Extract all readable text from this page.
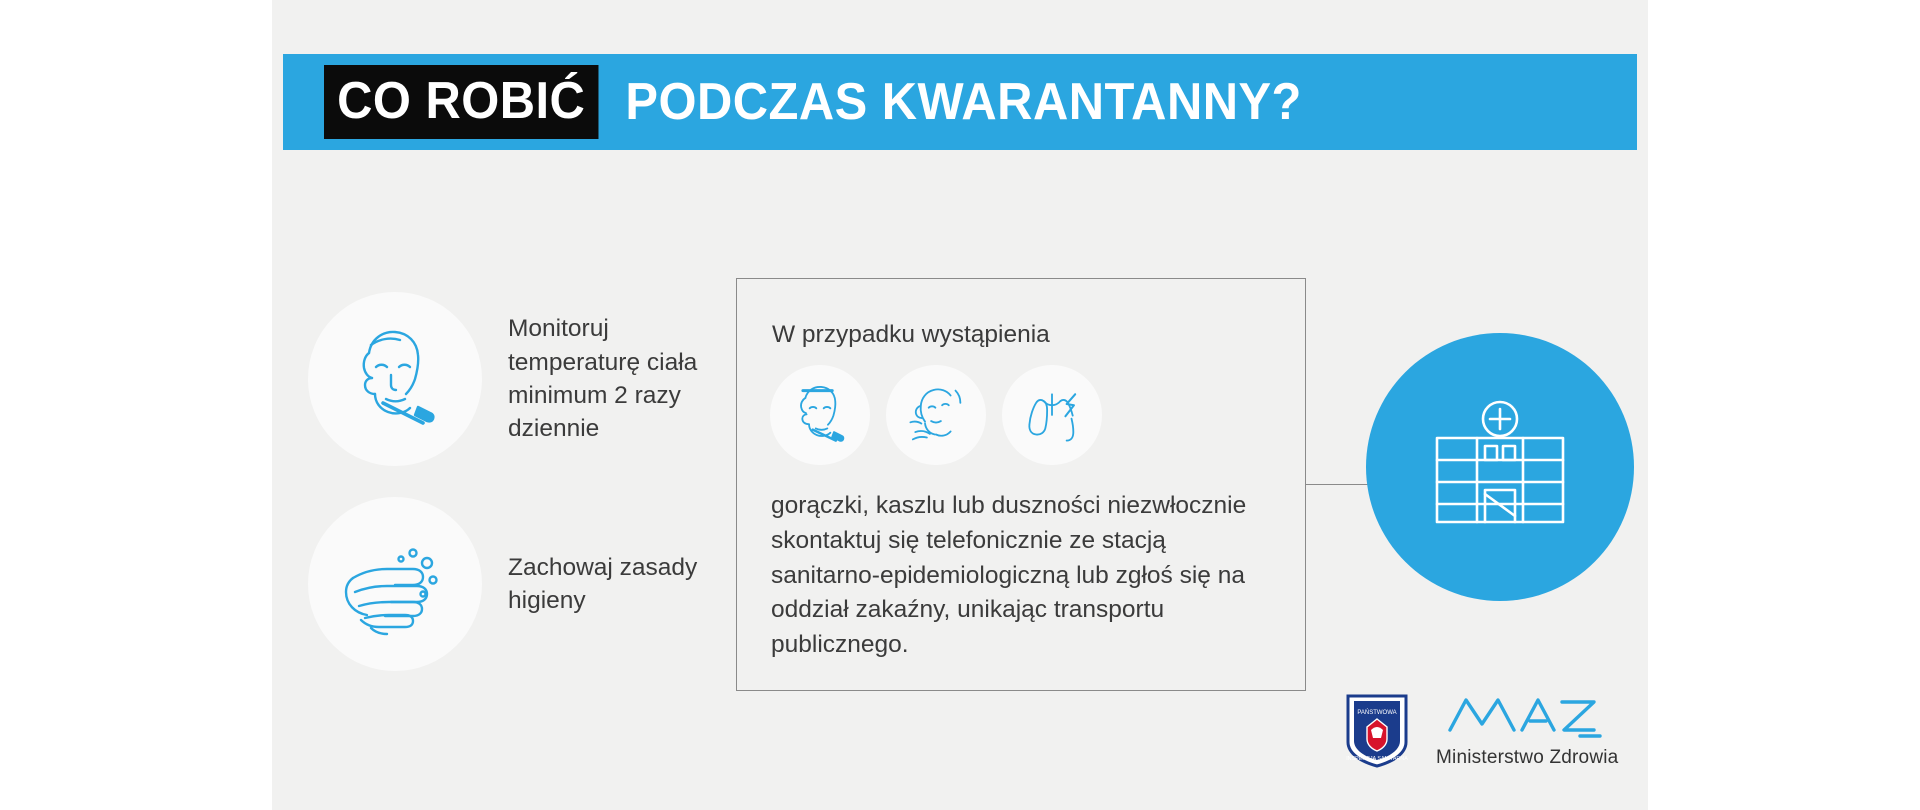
CO ROBIĆ PODCZAS KWARANTANNY?
Monitoruj temperaturę ciała minimum 2 razy dziennie
Zachowaj zasady higieny
W przypadku wystąpienia
gorączki, kaszlu lub duszności niezwłocznie skontaktuj się telefonicznie ze stacją sanitarno-epidemiologiczną lub zgłoś się na oddział zakaźny, unikając transportu publicznego.
PAŃSTWOWA
INSPEKCJA SANITARNA Ministerstwo Zdrowia
